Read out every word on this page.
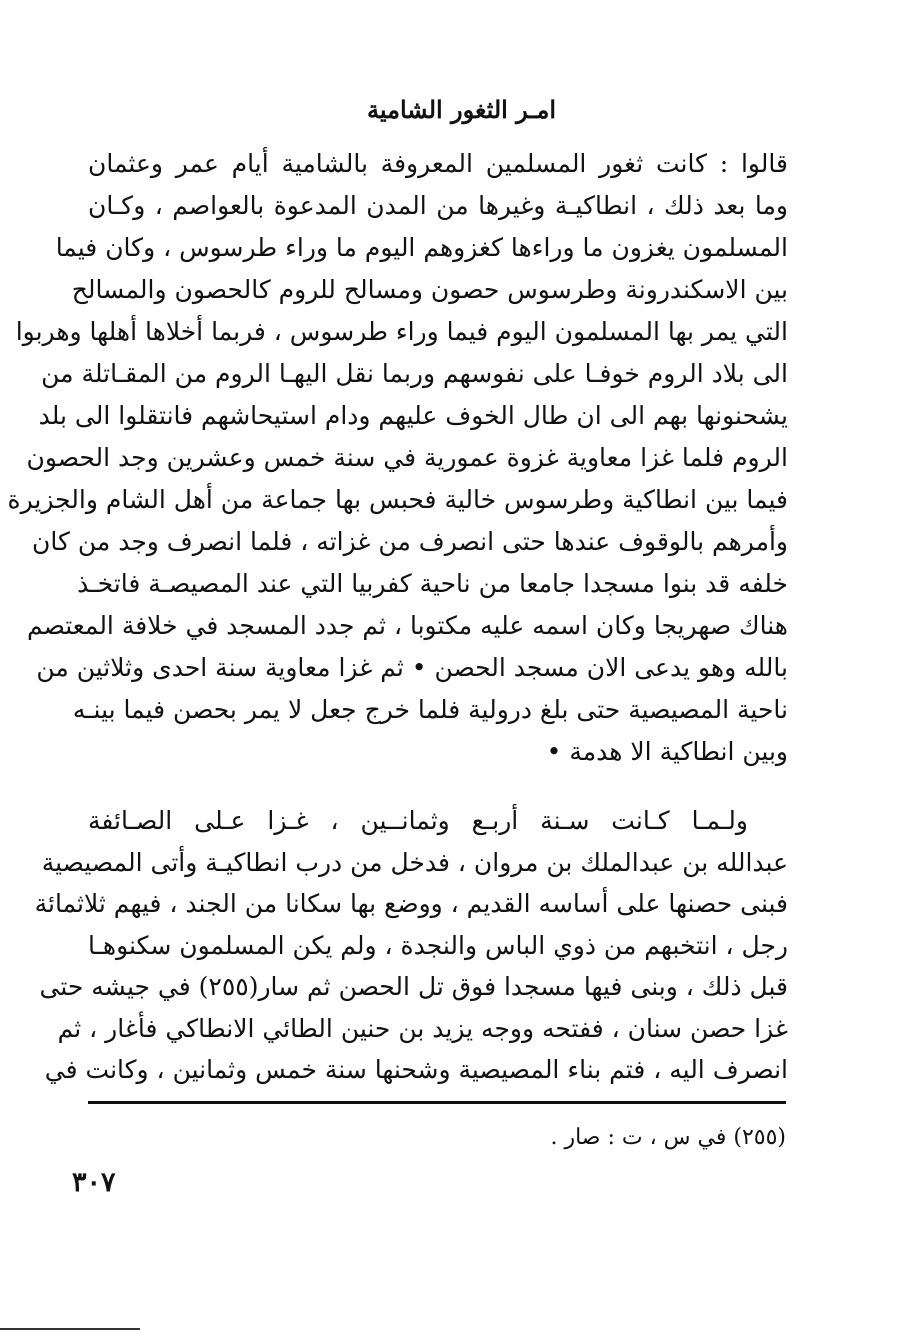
امـر الثغور الشامية
قالوا : كانت ثغور المسلمين المعروفة بالشامية أيام عمر وعثمان
وما بعد ذلك ، انطاكيـة وغيرها من المدن المدعوة بالعواصم ، وكـان
المسلمون يغزون ما وراءها كغزوهم اليوم ما وراء طرسوس ، وكان فيما
بين الاسكندرونة وطرسوس حصون ومسالح للروم كالحصون والمسالح
التي يمر بها المسلمون اليوم فيما وراء طرسوس ، فربما أخلاها أهلها وهربوا
الى بلاد الروم خوفـا على نفوسهم وربما نقل اليهـا الروم من المقـاتلة من
يشحنونها بهم الى ان طال الخوف عليهم ودام استيحاشهم فانتقلوا الى بلد
الروم فلما غزا معاوية غزوة عمورية في سنة خمس وعشرين وجد الحصون
فيما بين انطاكية وطرسوس خالية فحبس بها جماعة من أهل الشام والجزيرة
وأمرهم بالوقوف عندها حتى انصرف من غزاته ، فلما انصرف وجد من كان
خلفه قد بنوا مسجدا جامعا من ناحية كفربيا التي عند المصيصـة فاتخـذ
هناك صهريجا وكان اسمه عليه مكتوبا ، ثم جدد المسجد في خلافة المعتصم
بالله وهو يدعى الان مسجد الحصن • ثم غزا معاوية سنة احدى وثلاثين من
ناحية المصيصية حتى بلغ درولية فلما خرج جعل لا يمر بحصن فيما بينـه
وبين انطاكية الا هدمة •
ولـمـا كـانت سـنة أربـع وثمانــين ، غـزا عـلى الصـائفة
عبدالله بن عبدالملك بن مروان ، فدخل من درب انطاكيـة وأتى المصيصية
فبنى حصنها على أساسه القديم ، ووضع بها سكانا من الجند ، فيهم ثلاثمائة
رجل ، انتخبهم من ذوي الباس والنجدة ، ولم يكن المسلمون سكنوهـا
قبل ذلك ، وبنى فيها مسجدا فوق تل الحصن ثم سار(٢٥٥) في جيشه حتى
غزا حصن سنان ، ففتحه ووجه يزيد بن حنين الطائي الانطاكي فأغار ، ثم
انصرف اليه ، فتم بناء المصيصية وشحنها سنة خمس وثمانين ، وكانت في
(٢٥٥) في س ، ت : صار .
٣٠٧
